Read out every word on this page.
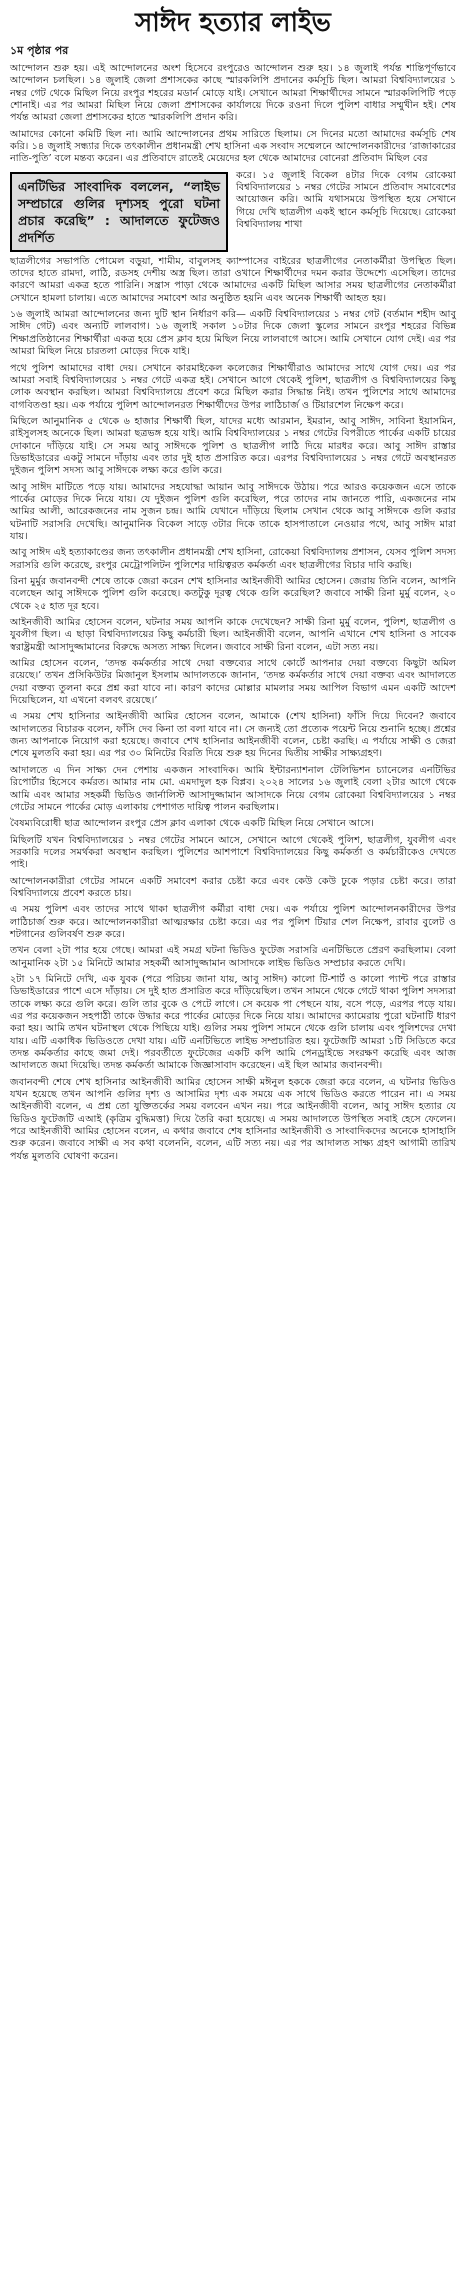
সাঈদ হত্যার লাইভ
১ম পৃষ্ঠার পর

আন্দোলন শুরু হয়। এই আন্দোলনের অংশ হিসেবে রংপুরেও আন্দোলন শুরু হয়। ১৪ জুলাই পর্যন্ত শান্তিপূর্ণভাবে আন্দোলন চলছিল। ১৪ জুলাই জেলা প্রশাসকের কাছে স্মারকলিপি প্রদানের কর্মসূচি ছিল। আমরা বিশ্ববিদ্যালয়ের ১ নম্বর গেট থেকে মিছিল নিয়ে রংপুর শহরের মডার্ন মোড়ে যাই। সেখানে আমরা শিক্ষার্থীদের সামনে স্মারকলিপিটি পড়ে শোনাই। এর পর আমরা মিছিল নিয়ে জেলা প্রশাসকের কার্যালয়ে দিকে রওনা দিলে পুলিশ বাধার সম্মুখীন হই। শেষ পর্যন্ত আমরা জেলা প্রশাসকের হাতে স্মারকলিপি প্রদান করি।

আমাদের কোনো কমিটি ছিল না। আমি আন্দোলনের প্রথম সারিতে ছিলাম। সে দিনের মতো আমাদের কর্মসূচি শেষ করি। ১৪ জুলাই সন্ধ্যার দিকে তৎকালীন প্রধানমন্ত্রী শেখ হাসিনা এক সংবাদ সম্মেলনে আন্দোলনকারীদের ‘রাজাকারের নাতি-পুতি’ বলে মন্তব্য করেন। এর প্রতিবাদে রাতেই মেয়েদের হল থেকে আমাদের বোনেরা প্রতিবাদ মিছিল বের

এনটিভির সাংবাদিক বললেন, “লাইভ সম্প্রচারে গুলির দৃশ্যসহ পুরো ঘটনা প্রচার করেছি” : আদালতে ফুটেজও প্রদর্শিত

করে। ১৫ জুলাই বিকেল ৪টার দিকে বেগম রোকেয়া বিশ্ববিদ্যালয়ের ১ নম্বর গেটের সামনে প্রতিবাদ সমাবেশের আয়োজন করি। আমি যথাসময়ে উপস্থিত হয়ে সেখানে গিয়ে দেখি ছাত্রলীগ একই স্থানে কর্মসূচি দিয়েছে। রোকেয়া বিশ্ববিদ্যালয় শাখা

ছাত্রলীগের সভাপতি পোমেল বড়ুয়া, শামীম, বাবুলসহ ক্যাম্পাসের বাইরের ছাত্রলীগের নেতাকর্মীরা উপস্থিত ছিল। তাদের হাতে রামদা, লাঠি, রডসহ দেশীয় অস্ত্র ছিল। তারা ওখানে শিক্ষার্থীদের দমন করার উদ্দেশ্যে এসেছিল। তাদের কারণে আমরা একত্র হতে পারিনি। সন্ত্রাস পাড়া থেকে আমাদের একটি মিছিল আসার সময় ছাত্রলীগের নেতাকর্মীরা সেখানে হামলা চালায়। এতে আমাদের সমাবেশ আর অনুষ্ঠিত হয়নি এবং অনেক শিক্ষার্থী আহত হয়।

১৬ জুলাই আমরা আন্দোলনের জন্য দুটি স্থান নির্ধারণ করি— একটি বিশ্ববিদ্যালয়ের ১ নম্বর গেট (বর্তমান শহীদ আবু সাঈদ গেট) এবং অন্যটি লালবাগ। ১৬ জুলাই সকাল ১০টার দিকে জেলা স্কুলের সামনে রংপুর শহরের বিভিন্ন শিক্ষাপ্রতিষ্ঠানের শিক্ষার্থীরা একত্র হয়ে প্রেস ক্লাব হয়ে মিছিল নিয়ে লালবাগে আসে। আমি সেখানে যোগ দেই। এর পর আমরা মিছিল নিয়ে চারতলা মোড়ের দিকে যাই।

পথে পুলিশ আমাদের বাধা দেয়। সেখানে কারমাইকেল কলেজের শিক্ষার্থীরাও আমাদের সাথে যোগ দেয়। এর পর আমরা সবাই বিশ্ববিদ্যালয়ের ১ নম্বর গেটে একত্র হই। সেখানে আগে থেকেই পুলিশ, ছাত্রলীগ ও বিশ্ববিদ্যালয়ের কিছু লোক অবস্থান করছিল। আমরা বিশ্ববিদ্যালয়ে প্রবেশ করে মিছিল করার সিদ্ধান্ত নিই। তখন পুলিশের সাথে আমাদের বাগবিতণ্ডা হয়। এক পর্যায়ে পুলিশ আন্দোলনরত শিক্ষার্থীদের উপর লাঠিচার্জ ও টিয়ারশেল নিক্ষেপ করে।

মিছিলে আনুমানিক ৫ থেকে ৬ হাজার শিক্ষার্থী ছিল, যাদের মধ্যে আরমান, ইমরান, আবু সাঈদ, সাবিনা ইয়াসমিন, রাইসুলসহ অনেকে ছিল। আমরা ছত্রভঙ্গ হয়ে যাই। আমি বিশ্ববিদ্যালয়ের ১ নম্বর গেটের বিপরীতে পার্কের একটি চায়ের দোকানে দাঁড়িয়ে যাই। সে সময় আবু সাঈদকে পুলিশ ও ছাত্রলীগ লাঠি দিয়ে মারধর করে। আবু সাঈদ রাস্তার ডিভাইডারের একটু সামনে দাঁড়ায় এবং তার দুই হাত প্রসারিত করে। এরপর বিশ্ববিদ্যালয়ের ১ নম্বর গেটে অবস্থানরত দুইজন পুলিশ সদস্য আবু সাঈদকে লক্ষ্য করে গুলি করে।

আবু সাঈদ মাটিতে পড়ে যায়। আমাদের সহযোদ্ধা আয়ান আবু সাঈদকে উঠায়। পরে আরও কয়েকজন এসে তাকে পার্কের মোড়ের দিকে নিয়ে যায়। যে দুইজন পুলিশ গুলি করেছিল, পরে তাদের নাম জানতে পারি, একজনের নাম আমির আলী, আরেকজনের নাম সুজন চন্দ্র। আমি যেখানে দাঁড়িয়ে ছিলাম সেখান থেকে আবু সাঈদকে গুলি করার ঘটনাটি সরাসরি দেখেছি। আনুমানিক বিকেল সাড়ে ৩টার দিকে তাকে হাসপাতালে নেওয়ার পথে, আবু সাঈদ মারা যায়।

আবু সাঈদ এই হত্যাকাণ্ডের জন্য তৎকালীন প্রধানমন্ত্রী শেখ হাসিনা, রোকেয়া বিশ্ববিদ্যালয় প্রশাসন, যেসব পুলিশ সদস্য সরাসরি গুলি করেছে, রংপুর মেট্রোপলিটন পুলিশের দায়িত্বরত কর্মকর্তা এবং ছাত্রলীগের বিচার দাবি করছি।

রিনা মুর্মুর জবানবন্দী শেষে তাকে জেরা করেন শেখ হাসিনার আইনজীবী আমির হোসেন। জেরায় তিনি বলেন, আপনি বলেছেন আবু সাঈদকে পুলিশ গুলি করেছে। কতটুকু দূরত্ব থেকে গুলি করেছিল? জবাবে সাক্ষী রিনা মুর্মু বলেন, ২০ থেকে ২৫ হাত দূর হবে।

আইনজীবী আমির হোসেন বলেন, ঘটনার সময় আপনি কাকে দেখেছেন? সাক্ষী রিনা মুর্মু বলেন, পুলিশ, ছাত্রলীগ ও যুবলীগ ছিল। এ ছাড়া বিশ্ববিদ্যালয়ের কিছু কর্মচারী ছিল। আইনজীবী বলেন, আপনি এখানে শেখ হাসিনা ও সাবেক স্বরাষ্ট্রমন্ত্রী আসাদুজ্জামানের বিরুদ্ধে অসত্য সাক্ষ্য দিলেন। জবাবে সাক্ষী রিনা বলেন, এটা সত্য নয়।

আমির হোসেন বলেন, ‘তদন্ত কর্মকর্তার সাথে দেয়া বক্তব্যের সাথে কোর্টে আপনার দেয়া বক্তব্যে কিছুটা অমিল রয়েছে।’ তখন প্রসিকিউটর মিজানুল ইসলাম আদালতকে জানান, ‘তদন্ত কর্মকর্তার সাথে দেয়া বক্তব্য এবং আদালতে দেয়া বক্তব্য তুলনা করে প্রশ্ন করা যাবে না। কারণ কাদের মোল্লার মামলার সময় আপিল বিভাগ এমন একটি আদেশ দিয়েছিলেন, যা এখনো বলবৎ রয়েছে।’

এ সময় শেখ হাসিনার আইনজীবী আমির হোসেন বলেন, আমাকে (শেখ হাসিনা) ফাঁসি দিয়ে দিবেন? জবাবে আদালতের বিচারক বলেন, ফাঁসি দেব কিনা তা বলা যাবে না। সে জন্যই তো প্রত্যেক পয়েন্ট নিয়ে শুনানি হচ্ছে। প্রশ্নের জন্য আপনাকে নিয়োগ করা হয়েছে। জবাবে শেখ হাসিনার আইনজীবী বলেন, চেষ্টা করছি। এ পর্যায়ে সাক্ষী ও জেরা শেষে মুলতবি করা হয়। এর পর ৩০ মিনিটের বিরতি দিয়ে শুরু হয় দিনের দ্বিতীয় সাক্ষীর সাক্ষ্যগ্রহণ।

আদালতে এ দিন সাক্ষ্য দেন পেশায় একজন সাংবাদিক। আমি ইন্টারন্যাশনাল টেলিভিশন চ্যানেলের এনটিভির রিপোর্টার হিসেবে কর্মরত। আমার নাম মো. এমদাদুল হক বিপ্লব। ২০২৪ সালের ১৬ জুলাই বেলা ২টার আগে থেকে আমি এবং আমার সহকর্মী ভিডিও জার্নালিস্ট আসাদুজ্জামান আসাদকে নিয়ে বেগম রোকেয়া বিশ্ববিদ্যালয়ের ১ নম্বর গেটের সামনে পার্কের মোড় এলাকায় পেশাগত দায়িত্ব পালন করছিলাম।

বৈষম্যবিরোধী ছাত্র আন্দোলন রংপুর প্রেস ক্লাব এলাকা থেকে একটি মিছিল নিয়ে সেখানে আসে।

মিছিলটি যখন বিশ্ববিদ্যালয়ের ১ নম্বর গেটের সামনে আসে, সেখানে আগে থেকেই পুলিশ, ছাত্রলীগ, যুবলীগ এবং সরকারি দলের সমর্থকরা অবস্থান করছিল। পুলিশের আশপাশে বিশ্ববিদ্যালয়ের কিছু কর্মকর্তা ও কর্মচারীকেও দেখতে পাই।

আন্দোলনকারীরা গেটের সামনে একটি সমাবেশ করার চেষ্টা করে এবং কেউ কেউ ঢুকে পড়ার চেষ্টা করে। তারা বিশ্ববিদ্যালয়ে প্রবেশ করতে চায়।

এ সময় পুলিশ এবং তাদের সাথে থাকা ছাত্রলীগ কর্মীরা বাধা দেয়। এক পর্যায়ে পুলিশ আন্দোলনকারীদের উপর লাঠিচার্জ শুরু করে। আন্দোলনকারীরা আত্মরক্ষার চেষ্টা করে। এর পর পুলিশ টিয়ার শেল নিক্ষেপ, রাবার বুলেট ও শটগানের গুলিবর্ষণ শুরু করে।

তখন বেলা ২টা পার হয়ে গেছে। আমরা এই সমগ্র ঘটনা ভিডিও ফুটেজ সরাসরি এনটিভিতে প্রেরণ করছিলাম। বেলা আনুমানিক ২টা ১৫ মিনিটে আমার সহকর্মী আসাদুজ্জামান আসাদকে লাইভ ভিডিও সম্প্রচার করতে দেখি।

২টা ১৭ মিনিটে দেখি, এক যুবক (পরে পরিচয় জানা যায়, আবু সাঈদ) কালো টি-শার্ট ও কালো প্যান্ট পরে রাস্তার ডিভাইডারের পাশে এসে দাঁড়ায়। সে দুই হাত প্রসারিত করে দাঁড়িয়েছিল। তখন সামনে থেকে গেটে থাকা পুলিশ সদস্যরা তাকে লক্ষ্য করে গুলি করে। গুলি তার বুকে ও পেটে লাগে। সে কয়েক পা পেছনে যায়, বসে পড়ে, এরপর পড়ে যায়। এর পর কয়েকজন সহপাঠী তাকে উদ্ধার করে পার্কের মোড়ের দিকে নিয়ে যায়। আমাদের ক্যামেরায় পুরো ঘটনাটি ধারণ করা হয়। আমি তখন ঘটনাস্থল থেকে পিছিয়ে যাই। গুলির সময় পুলিশ সামনে থেকে গুলি চালায় এবং পুলিশদের দেখা যায়। এটি একাধিক ভিডিওতে দেখা যায়। এটি এনটিভিতে লাইভ সম্প্রচারিত হয়। ফুটেজটি আমরা ১টি সিডিতে করে তদন্ত কর্মকর্তার কাছে জমা দেই। পরবর্তীতে ফুটেজের একটি কপি আমি পেনড্রাইভে সংরক্ষণ করেছি এবং আজ আদালতে জমা দিয়েছি। তদন্ত কর্মকর্তা আমাকে জিজ্ঞাসাবাদ করেছেন। এই ছিল আমার জবানবন্দী।

জবানবন্দী শেষে শেখ হাসিনার আইনজীবী আমির হোসেন সাক্ষী মঈনুল হককে জেরা করে বলেন, এ ঘটনার ভিডিও যখন হয়েছে তখন আপনি গুলির দৃশ্য ও আসামির দৃশ্য এক সময়ে এক সাথে ভিডিও করতে পারেন না। এ সময় আইনজীবী বলেন, এ প্রশ্ন তো যুক্তিতর্কের সময় বলবেন এখন নয়। পরে আইনজীবী বলেন, আবু সাঈদ হত্যার যে ভিডিও ফুটেজটি এআই (কৃত্রিম বুদ্ধিমত্তা) দিয়ে তৈরি করা হয়েছে। এ সময় আদালতে উপস্থিত সবাই হেসে ফেলেন। পরে আইনজীবী আমির হোসেন বলেন, এ কথার জবাবে শেষ হাসিনার আইনজীবী ও সাংবাদিকদের অনেকে হাসাহাসি শুরু করেন। জবাবে সাক্ষী এ সব কথা বলেননি, বলেন, এটি সত্য নয়। এর পর আদালত সাক্ষ্য গ্রহণ আগামী তারিখ পর্যন্ত মুলতবি ঘোষণা করেন।
